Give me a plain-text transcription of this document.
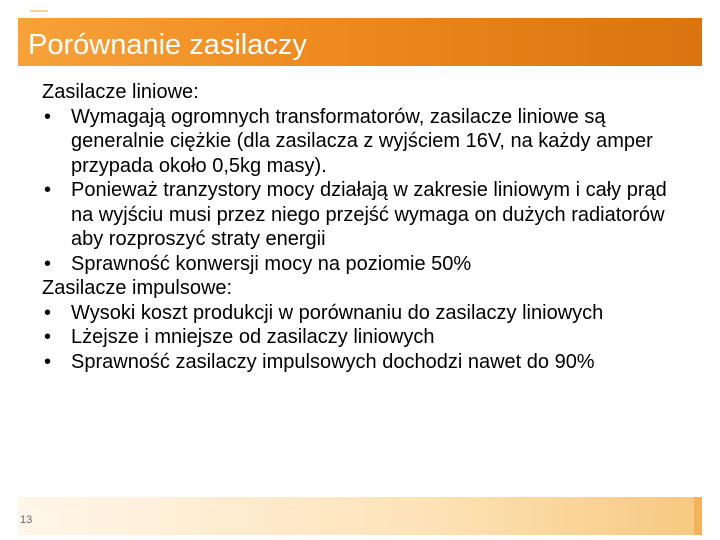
Porównanie zasilaczy

Zasilacze liniowe:

• Wymagają ogromnych transformatorów, zasilacze liniowe są generalnie ciężkie (dla zasilacza z wyjściem 16V, na każdy amper przypada około 0,5kg masy).
• Ponieważ tranzystory mocy działają w zakresie liniowym i cały prąd na wyjściu musi przez niego przejść wymaga on dużych radiatorów aby rozproszyć straty energii
• Sprawność konwersji mocy na poziomie 50%

Zasilacze impulsowe:

• Wysoki koszt produkcji w porównaniu do zasilaczy liniowych
• Lżejsze i mniejsze od zasilaczy liniowych
• Sprawność zasilaczy impulsowych dochodzi nawet do 90%
13
